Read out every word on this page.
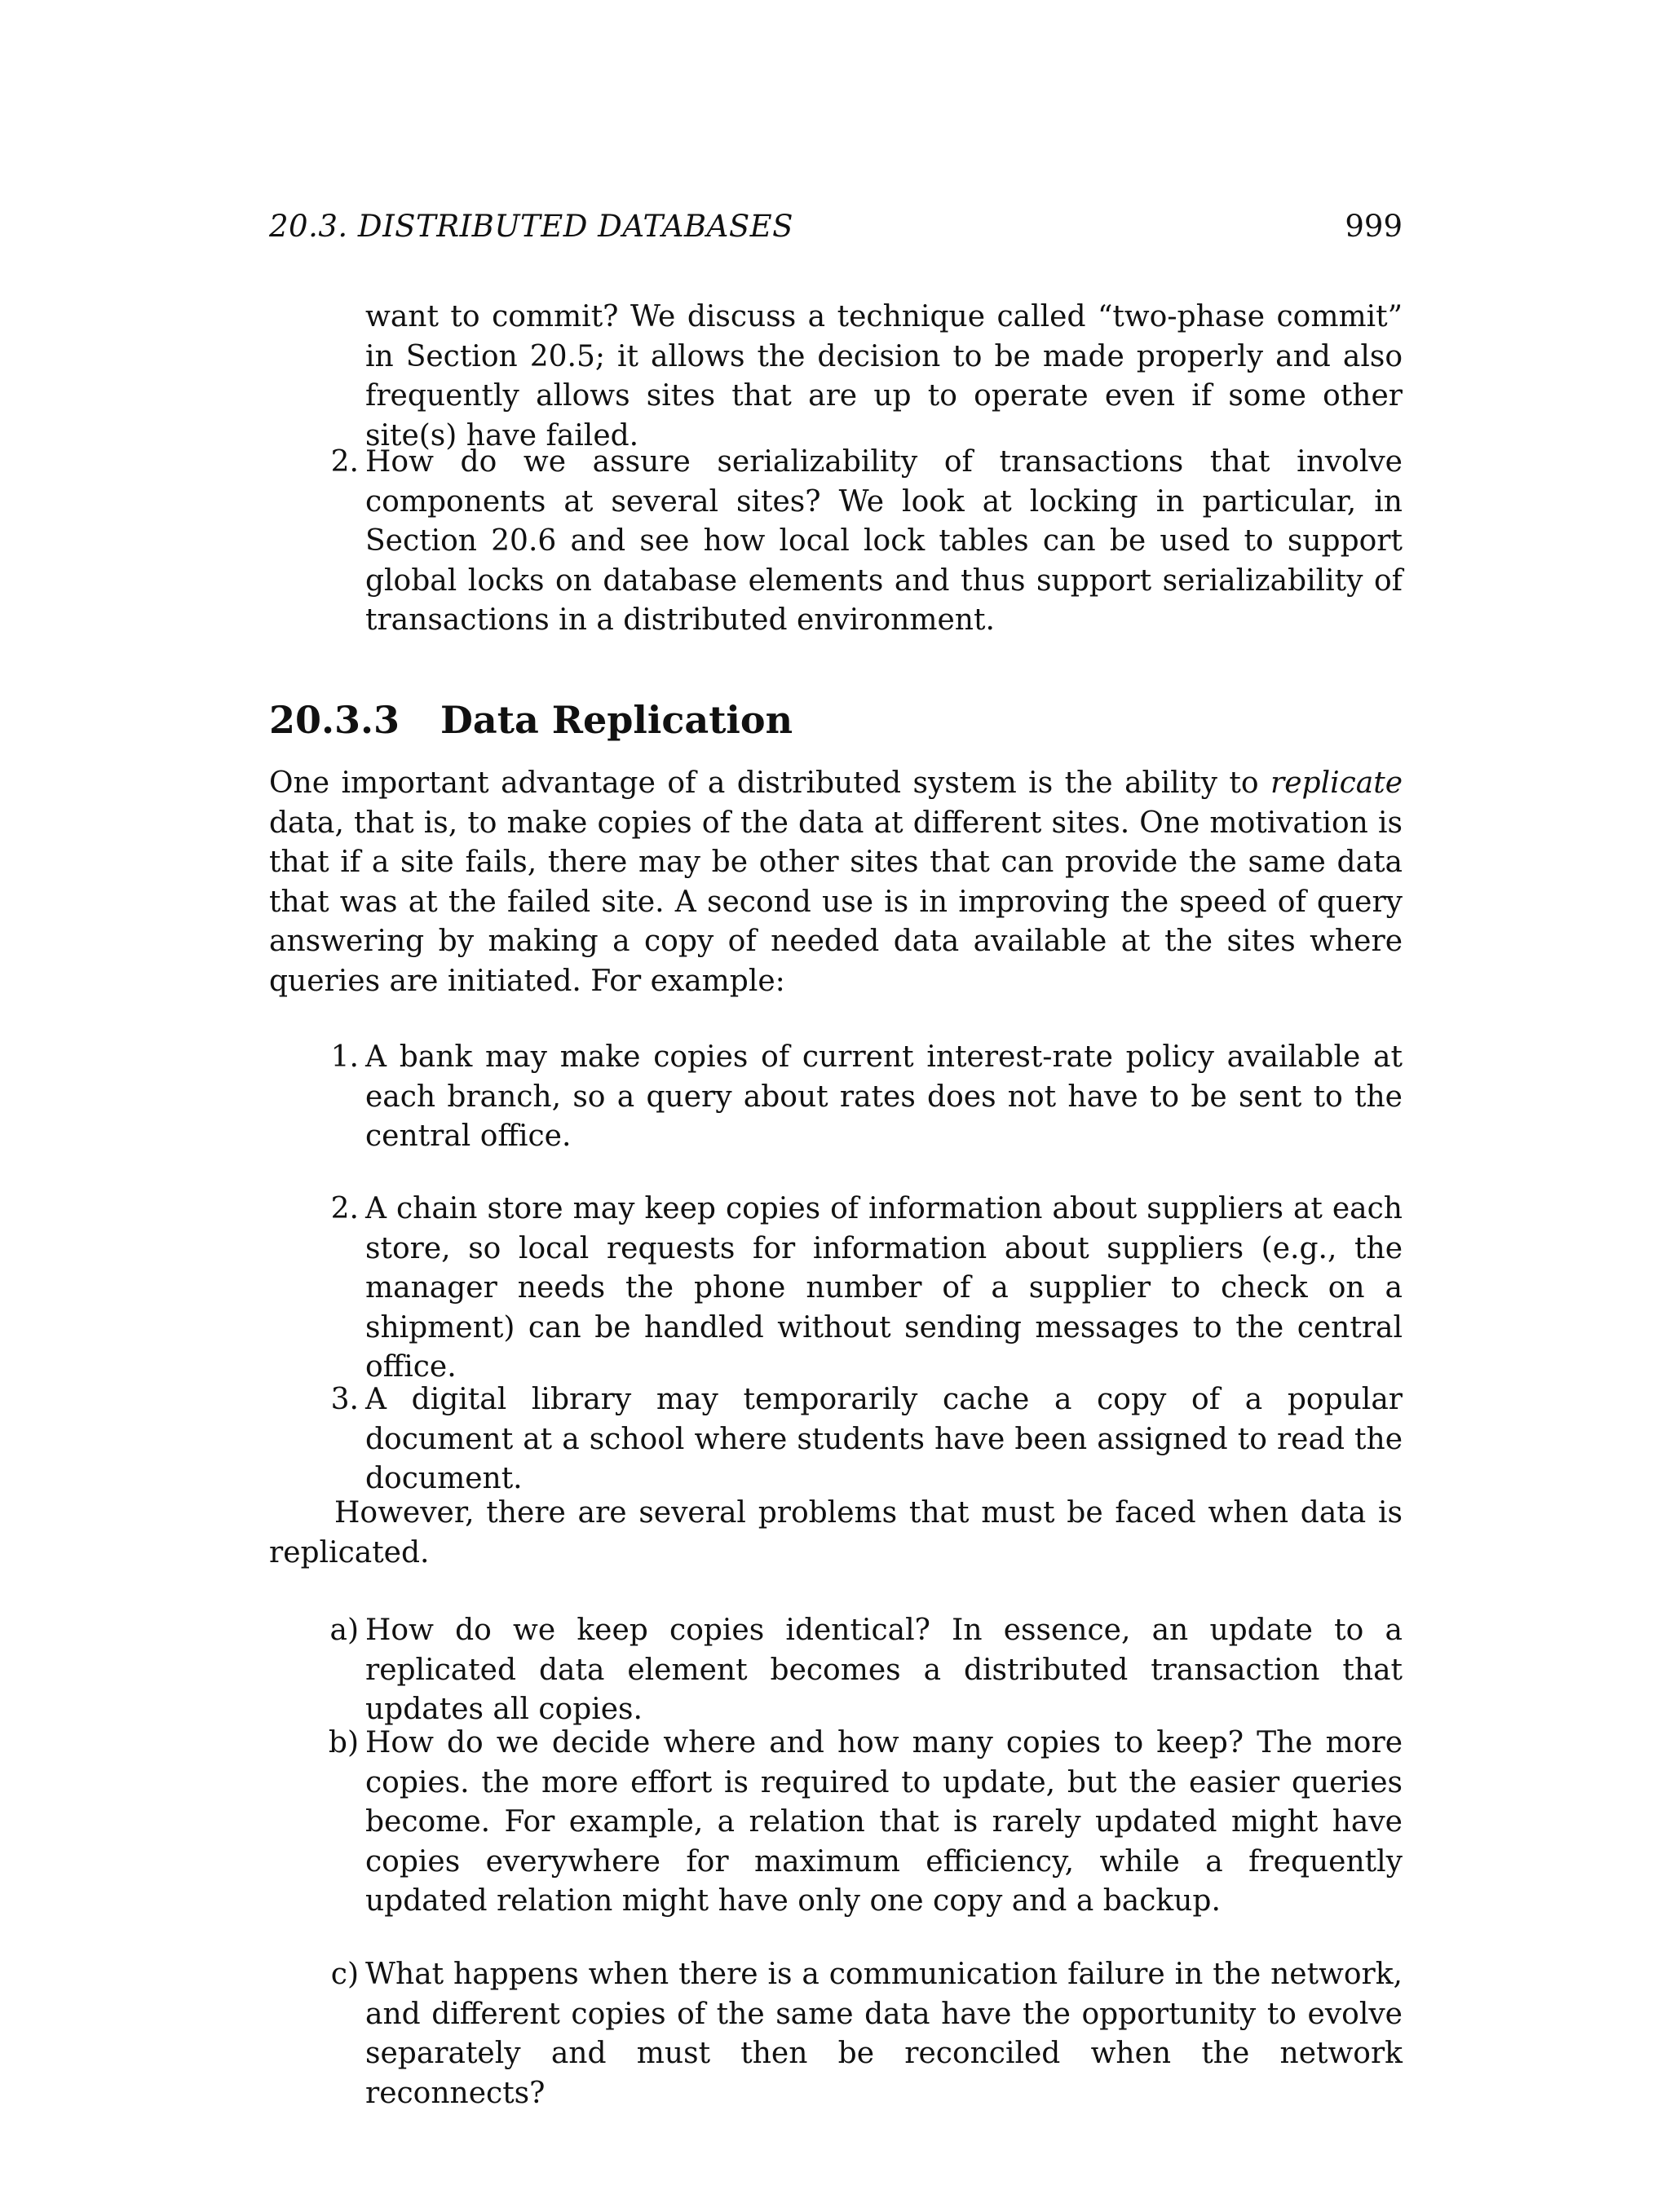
20.3. DISTRIBUTED DATABASES	999
want to commit? We discuss a technique called “two-phase commit” in Section 20.5; it allows the decision to be made properly and also frequently allows sites that are up to operate even if some other site(s) have failed.
2. How do we assure serializability of transactions that involve components at several sites? We look at locking in particular, in Section 20.6 and see how local lock tables can be used to support global locks on database elements and thus support serializability of transactions in a distributed environment.
20.3.3 Data Replication
One important advantage of a distributed system is the ability to replicate data, that is, to make copies of the data at different sites. One motivation is that if a site fails, there may be other sites that can provide the same data that was at the failed site. A second use is in improving the speed of query answering by making a copy of needed data available at the sites where queries are initiated. For example:
1. A bank may make copies of current interest-rate policy available at each branch, so a query about rates does not have to be sent to the central office.
2. A chain store may keep copies of information about suppliers at each store, so local requests for information about suppliers (e.g., the manager needs the phone number of a supplier to check on a shipment) can be handled without sending messages to the central office.
3. A digital library may temporarily cache a copy of a popular document at a school where students have been assigned to read the document.
However, there are several problems that must be faced when data is replicated.
a) How do we keep copies identical? In essence, an update to a replicated data element becomes a distributed transaction that updates all copies.
b) How do we decide where and how many copies to keep? The more copies. the more effort is required to update, but the easier queries become. For example, a relation that is rarely updated might have copies everywhere for maximum efficiency, while a frequently updated relation might have only one copy and a backup.
c) What happens when there is a communication failure in the network, and different copies of the same data have the opportunity to evolve separately and must then be reconciled when the network reconnects?
